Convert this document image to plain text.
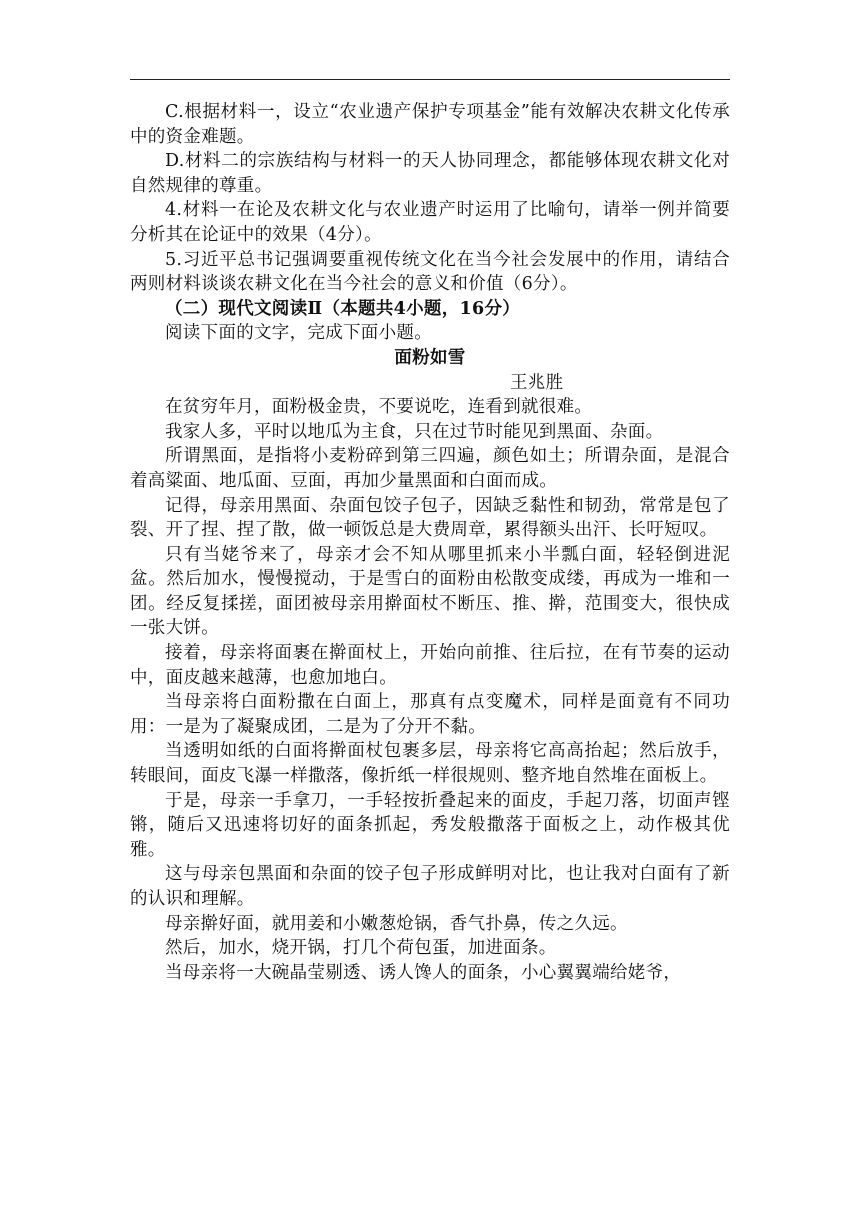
C.根据材料一，设立“农业遗产保护专项基金”能有效解决农耕文化传承中的资金难题。

D.材料二的宗族结构与材料一的天人协同理念，都能够体现农耕文化对自然规律的尊重。

4.材料一在论及农耕文化与农业遗产时运用了比喻句，请举一例并简要分析其在论证中的效果（4分）。

5.习近平总书记强调要重视传统文化在当今社会发展中的作用，请结合两则材料谈谈农耕文化在当今社会的意义和价值（6分）。

（二）现代文阅读Ⅱ（本题共4小题，16分）

阅读下面的文字，完成下面小题。

面粉如雪

王兆胜

在贫穷年月，面粉极金贵，不要说吃，连看到就很难。

我家人多，平时以地瓜为主食，只在过节时能见到黑面、杂面。

所谓黑面，是指将小麦粉碎到第三四遍，颜色如土；所谓杂面，是混合着高粱面、地瓜面、豆面，再加少量黑面和白面而成。

记得，母亲用黑面、杂面包饺子包子，因缺乏黏性和韧劲，常常是包了裂、开了捏、捏了散，做一顿饭总是大费周章，累得额头出汗、长吁短叹。

只有当姥爷来了，母亲才会不知从哪里抓来小半瓢白面，轻轻倒进泥盆。然后加水，慢慢搅动，于是雪白的面粉由松散变成缕，再成为一堆和一团。经反复揉搓，面团被母亲用擀面杖不断压、推、擀，范围变大，很快成一张大饼。

接着，母亲将面裹在擀面杖上，开始向前推、往后拉，在有节奏的运动中，面皮越来越薄，也愈加地白。

当母亲将白面粉撒在白面上，那真有点变魔术，同样是面竟有不同功用：一是为了凝聚成团，二是为了分开不黏。

当透明如纸的白面将擀面杖包裹多层，母亲将它高高抬起；然后放手，转眼间，面皮飞瀑一样撒落，像折纸一样很规则、整齐地自然堆在面板上。

于是，母亲一手拿刀，一手轻按折叠起来的面皮，手起刀落，切面声铿锵，随后又迅速将切好的面条抓起，秀发般撒落于面板之上，动作极其优雅。

这与母亲包黑面和杂面的饺子包子形成鲜明对比，也让我对白面有了新的认识和理解。

母亲擀好面，就用姜和小嫩葱炝锅，香气扑鼻，传之久远。

然后，加水，烧开锅，打几个荷包蛋，加进面条。

当母亲将一大碗晶莹剔透、诱人馋人的面条，小心翼翼端给姥爷，
